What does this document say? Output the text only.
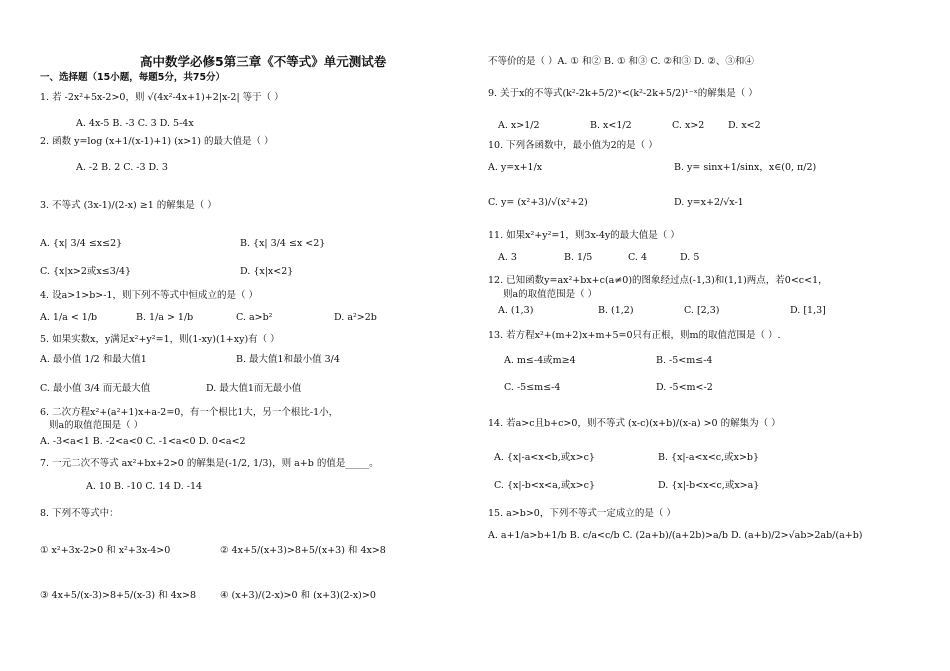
高中数学必修5第三章《不等式》单元测试卷
一、选择题（15小题，每题5分，共75分）
1. 若 -2x²+5x-2>0，则 √(4x²-4x+1)+2|x-2| 等于（ ）
A. 4x-5 B. -3 C. 3 D. 5-4x
2. 函数 y=log (x+1/(x-1)+1) (x>1) 的最大值是（ ）
A. -2 B. 2 C. -3 D. 3
3. 不等式 (3x-1)/(2-x) ≥1 的解集是（ ）
A. {x| 3/4 ≤x≤2}	B. {x| 3/4 ≤x <2}
C. {x|x>2或x≤3/4}	D. {x|x<2}
4. 设a>1>b>-1，则下列不等式中恒成立的是（ ）
A. 1/a < 1/b	B. 1/a > 1/b	C. a>b²	D. a²>2b
5. 如果实数x，y满足x²+y²=1，则(1-xy)(1+xy)有（ ）
A. 最小值 1/2 和最大值1	B. 最大值1和最小值 3/4
C. 最小值 3/4 而无最大值	D. 最大值1而无最小值
6. 二次方程x²+(a²+1)x+a-2=0，有一个根比1大，另一个根比-1小，
则a的取值范围是（ ）
A. -3<a<1 B. -2<a<0 C. -1<a<0 D. 0<a<2
7. 一元二次不等式 ax²+bx+2>0 的解集是(-1/2, 1/3)，则 a+b 的值是_____。
A. 10 B. -10 C. 14 D. -14
8. 下列不等式中：
① x²+3x-2>0 和 x²+3x-4>0	② 4x+5/(x+3)>8+5/(x+3) 和 4x>8
③ 4x+5/(x-3)>8+5/(x-3) 和 4x>8	④ (x+3)/(2-x)>0 和 (x+3)(2-x)>0
不等价的是（ ）A. ① 和② B. ① 和③ C. ②和③ D. ②、③和④
9. 关于x的不等式(k²-2k+5/2)ˣ<(k²-2k+5/2)¹⁻ˣ的解集是（ ）
A. x>1/2	B. x<1/2	C. x>2 D. x<2
10. 下列各函数中，最小值为2的是（ ）
A. y=x+1/x	B. y= sinx+1/sinx，x∈(0, π/2)
C. y= (x²+3)/√(x²+2)	D. y=x+2/√x-1
11. 如果x²+y²=1，则3x-4y的最大值是（ ）
A. 3	B. 1/5	C. 4	D. 5
12. 已知函数y=ax²+bx+c(a≠0)的图象经过点(-1,3)和(1,1)两点，若0<c<1，
则a的取值范围是（ ）
A. (1,3)	B. (1,2)	C. [2,3)	D. [1,3]
13. 若方程x²+(m+2)x+m+5=0只有正根，则m的取值范围是（ ）.
A. m≤-4或m≥4	B. -5<m≤-4
C. -5≤m≤-4	D. -5<m<-2
14. 若a>c且b+c>0，则不等式 (x-c)(x+b)/(x-a) >0 的解集为（ ）
A. {x|-a<x<b,或x>c}	B. {x|-a<x<c,或x>b}
C. {x|-b<x<a,或x>c}	D. {x|-b<x<c,或x>a}
15. a>b>0，下列不等式一定成立的是（ ）
A. a+1/a>b+1/b B. c/a<c/b C. (2a+b)/(a+2b)>a/b D. (a+b)/2>√ab>2ab/(a+b)
